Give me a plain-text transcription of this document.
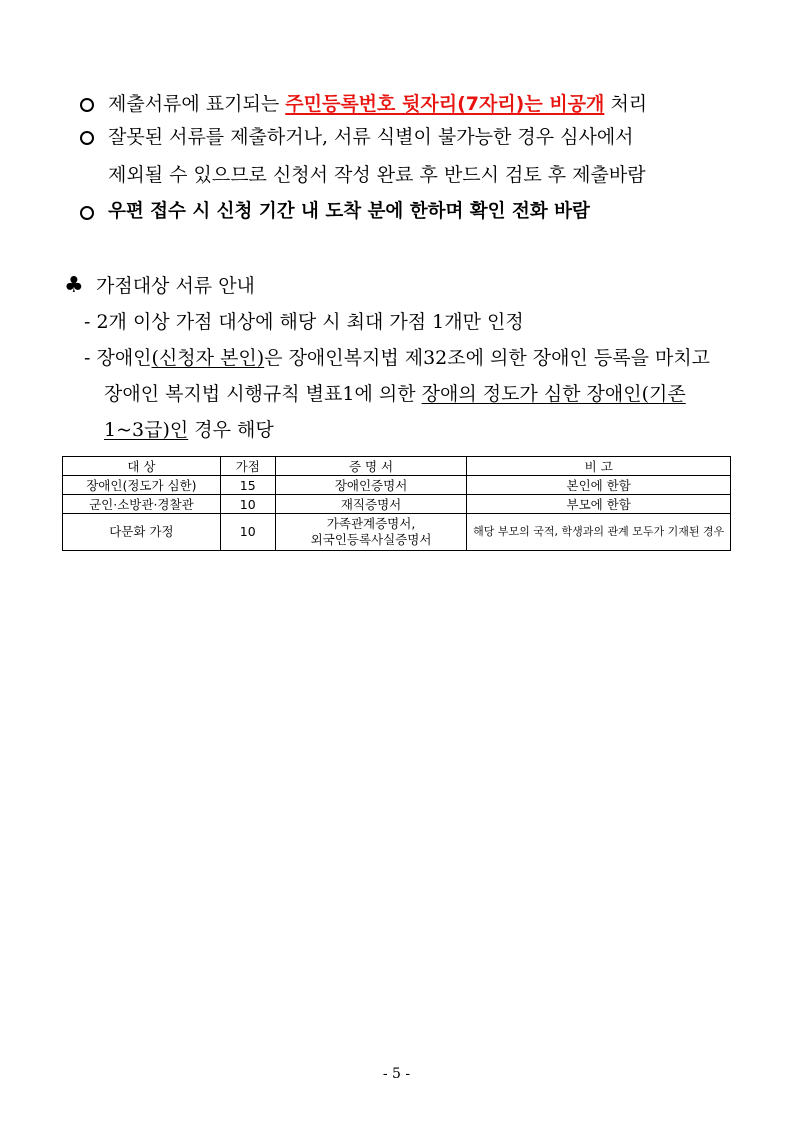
제출서류에 표기되는 주민등록번호 뒷자리(7자리)는 비공개 처리
잘못된 서류를 제출하거나, 서류 식별이 불가능한 경우 심사에서
제외될 수 있으므로 신청서 작성 완료 후 반드시 검토 후 제출바람
우편 접수 시 신청 기간 내 도착 분에 한하며 확인 전화 바람
♣ 가점대상 서류 안내
- 2개 이상 가점 대상에 해당 시 최대 가점 1개만 인정
- 장애인(신청자 본인)은 장애인복지법 제32조에 의한 장애인 등록을 마치고
장애인 복지법 시행규칙 별표1에 의한 장애의 정도가 심한 장애인(기존
1~3급)인 경우 해당
대 상	가점	증 명 서	비 고
장애인(정도가 심한)	15	장애인증명서	본인에 한함
군인·소방관·경찰관	10	재직증명서	부모에 한함
다문화 가정	10	가족관계증명서,
외국인등록사실증명서	해당 부모의 국적, 학생과의 관계 모두가 기재된 경우
- 5 -
